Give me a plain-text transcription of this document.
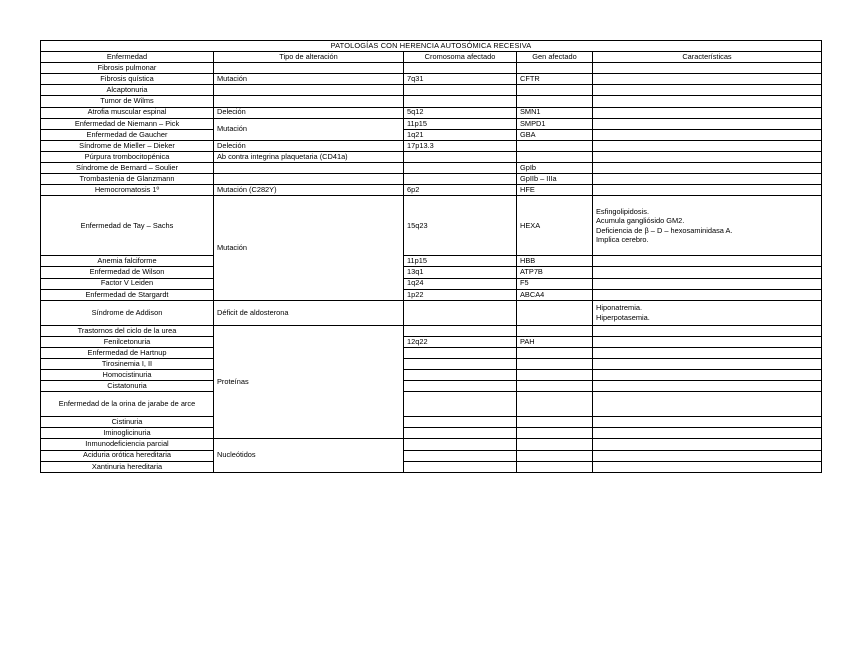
PATOLOGÍAS CON HERENCIA AUTOSÓMICA RECESIVA				
Enfermedad	Tipo de alteración	Cromosoma afectado	Gen afectado	Características
Fibrosis pulmonar				
Fibrosis quística	Mutación	7q31	CFTR	
Alcaptonuria				
Tumor de Wilms				
Atrofia muscular espinal	Deleción	5q12	SMN1	
Enfermedad de Niemann – Pick	Mutación	11p15	SMPD1	
Enfermedad de Gaucher		1q21	GBA	
Síndrome de Mieller – Dieker	Deleción	17p13.3		
Púrpura trombocitopénica	Ab contra integrina plaquetaria (CD41a)			
Síndrome de Bernard – Soulier			GpIb	
Trombastenia de Glanzmann			GpIIb – IIIa	
Hemocromatosis 1º	Mutación (C282Y)	6p2	HFE	
Enfermedad de Tay – Sachs	Mutación	15q23	HEXA	Esfingolipidosis.
Acumula gangliósido GM2.
Deficiencia de β – D – hexosaminidasa A.
Implica cerebro.

Anemia falciforme		11p15	HBB	
Enfermedad de Wilson		13q1	ATP7B	
Factor V Leiden		1q24	F5	
Enfermedad de Stargardt		1p22	ABCA4	
Síndrome de Addison	Déficit de aldosterona			Hiponatremia.
Hiperpotasemia.

Trastornos del ciclo de la urea	Proteínas			
Fenilcetonuria		12q22	PAH	
Enfermedad de Hartnup				
Tirosinemia I, II				
Homocistinuria				
Cistatonuria				
Enfermedad de la orina de jarabe de arce				
Cistinuria				
Iminoglicinuria				
Inmunodeficiencia parcial	Nucleótidos			
Aciduria orótica hereditaria				
Xantinuria hereditaria				
